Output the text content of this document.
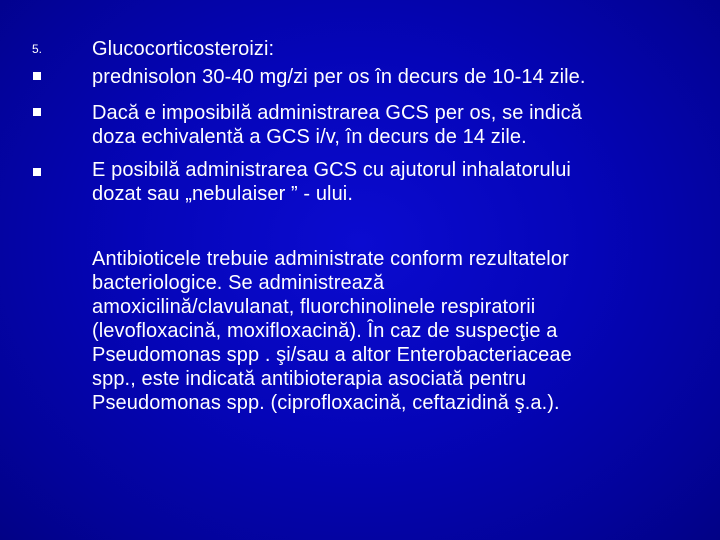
5.	Glucocorticosteroizi:
prednisolon 30-40 mg/zi per os în decurs de 10-14 zile.
Dacă e imposibilă administrarea GCS per os, se indică
doza echivalentă a GCS i/v, în decurs de 14 zile.
E posibilă administrarea GCS cu ajutorul inhalatorului
dozat sau „nebulaiser ” - ului.
Antibioticele trebuie administrate conform rezultatelor
bacteriologice. Se administrează
amoxicilină/clavulanat, fluorchinolinele respiratorii
(levofloxacină, moxifloxacină). În caz de suspecţie a
Pseudomonas spp . şi/sau a altor Enterobacteriaceae
spp., este indicată antibioterapia asociată pentru
Pseudomonas spp. (ciprofloxacină, ceftazidină ş.a.).
